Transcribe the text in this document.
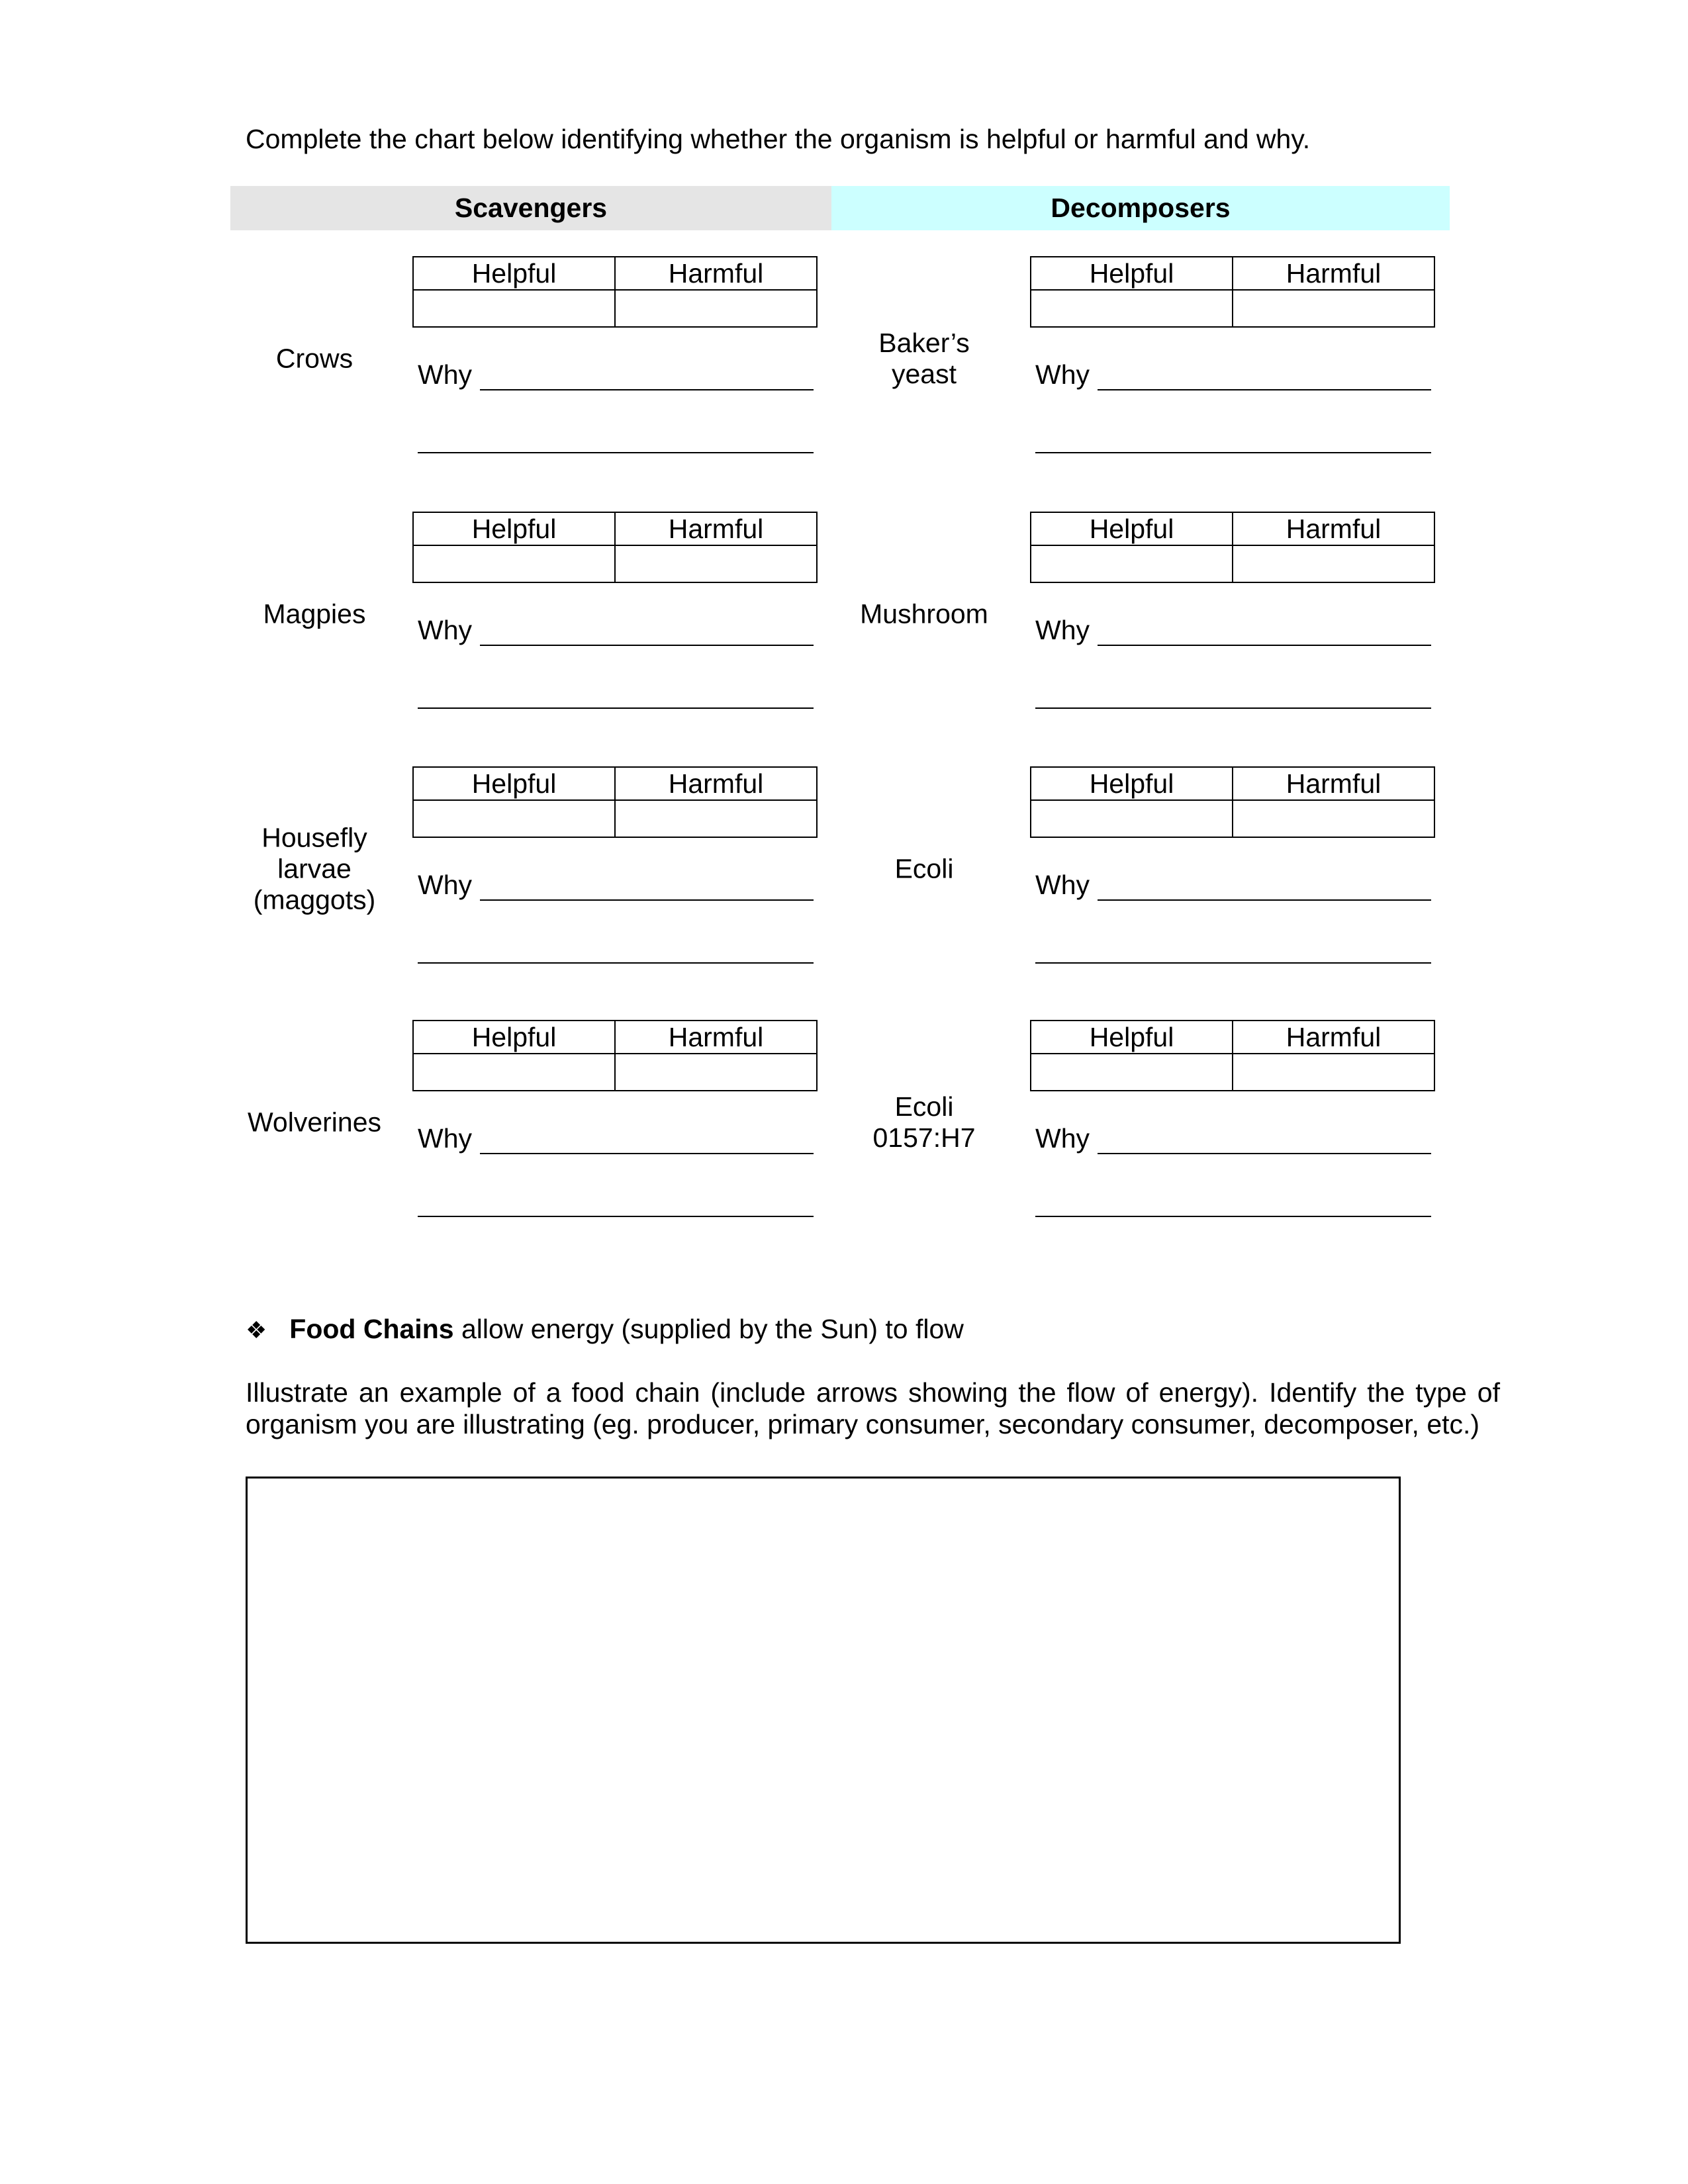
Complete the chart below identifying whether the organism is helpful or harmful and why.
Scavengers	Decomposers
Crows
Helpful	Harmful
Why
Magpies
Helpful	Harmful
Why
Housefly
larvae
(maggots)
Helpful	Harmful
Why
Wolverines
Helpful	Harmful
Why
Baker’s
yeast
Helpful	Harmful
Why
Mushroom
Helpful	Harmful
Why
Ecoli
Helpful	Harmful
Why
Ecoli
0157:H7
Helpful	Harmful
Why
❖ Food Chains allow energy (supplied by the Sun) to flow
Illustrate an example of a food chain (include arrows showing the flow of energy). Identify the type of organism you are illustrating (eg. producer, primary consumer, secondary consumer, decomposer, etc.)
